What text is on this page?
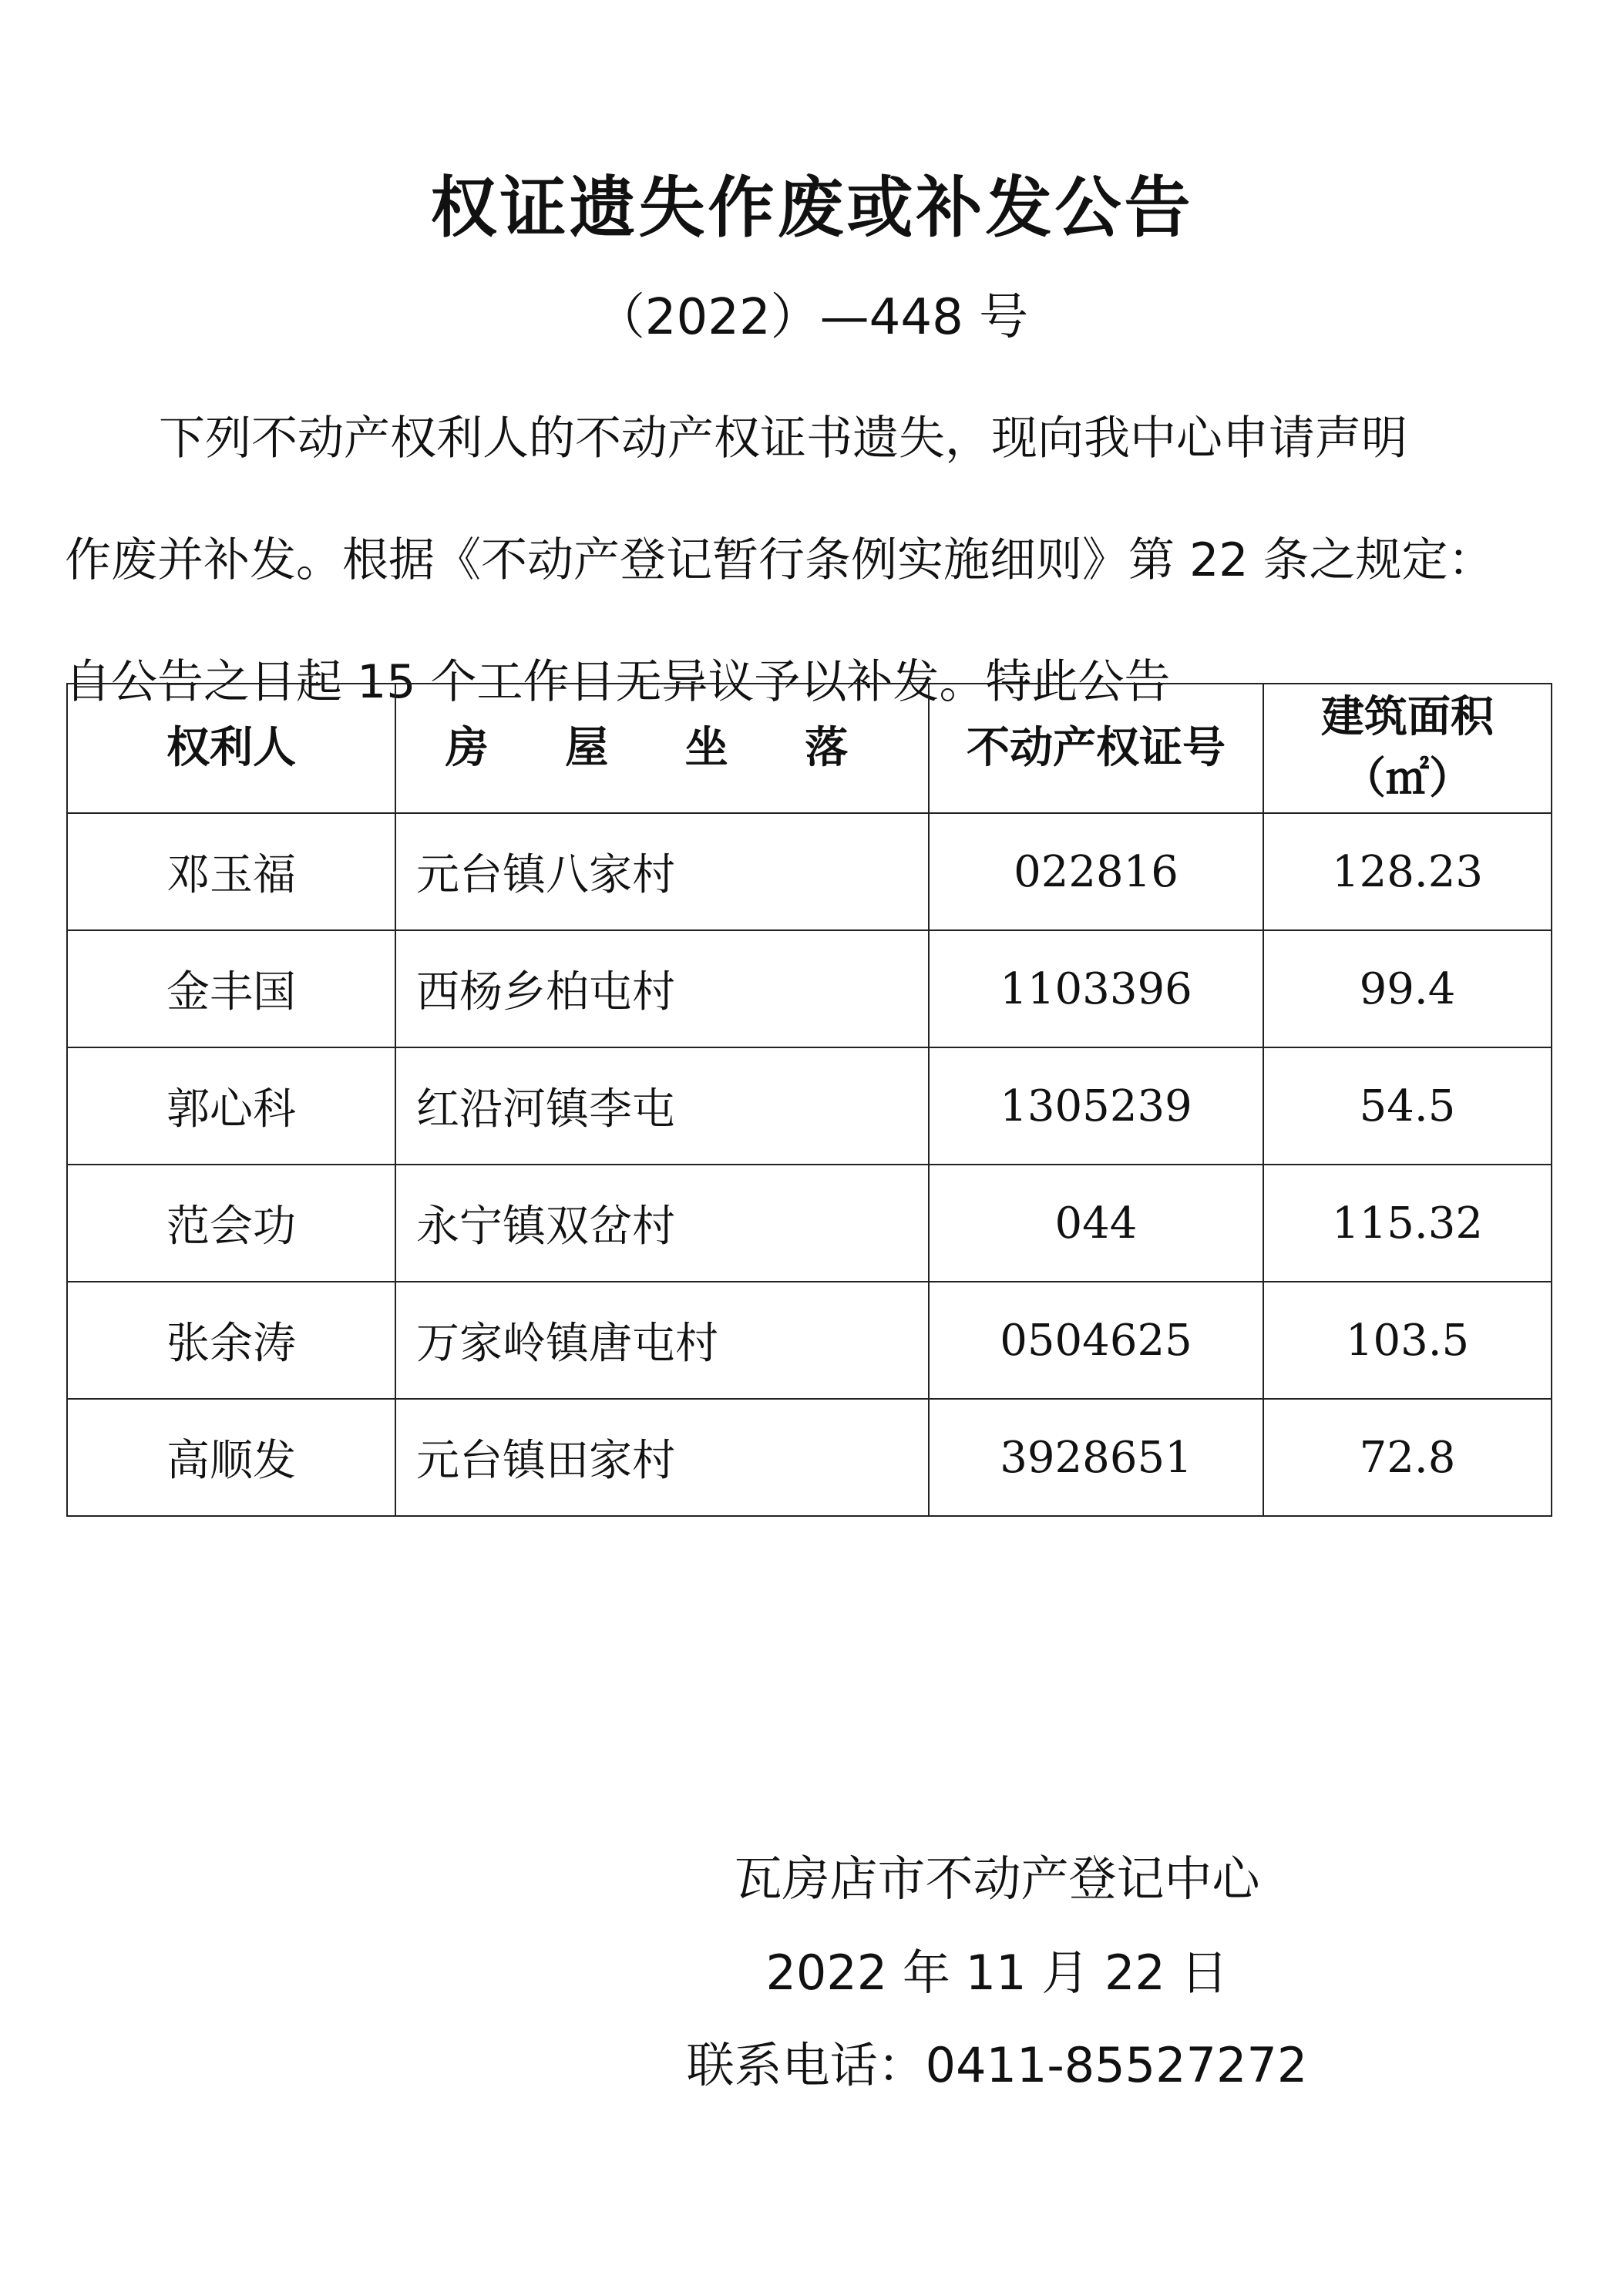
权证遗失作废或补发公告
（2022）—448 号

下列不动产权利人的不动产权证书遗失，现向我中心申请声明
作废并补发。根据《不动产登记暂行条例实施细则》第 22 条之规定：
自公告之日起 15 个工作日无异议予以补发。特此公告

权利人	房 屋 坐 落	不动产权证号	建筑面积
（㎡）

邓玉福	元台镇八家村	022816	128.23
金丰国	西杨乡柏屯村	1103396	99.4
郭心科	红沿河镇李屯	1305239	54.5
范会功	永宁镇双岔村	044	115.32
张余涛	万家岭镇唐屯村	0504625	103.5
高顺发	元台镇田家村	3928651	72.8
瓦房店市不动产登记中心
2022 年 11 月 22 日
联系电话：0411-85527272
